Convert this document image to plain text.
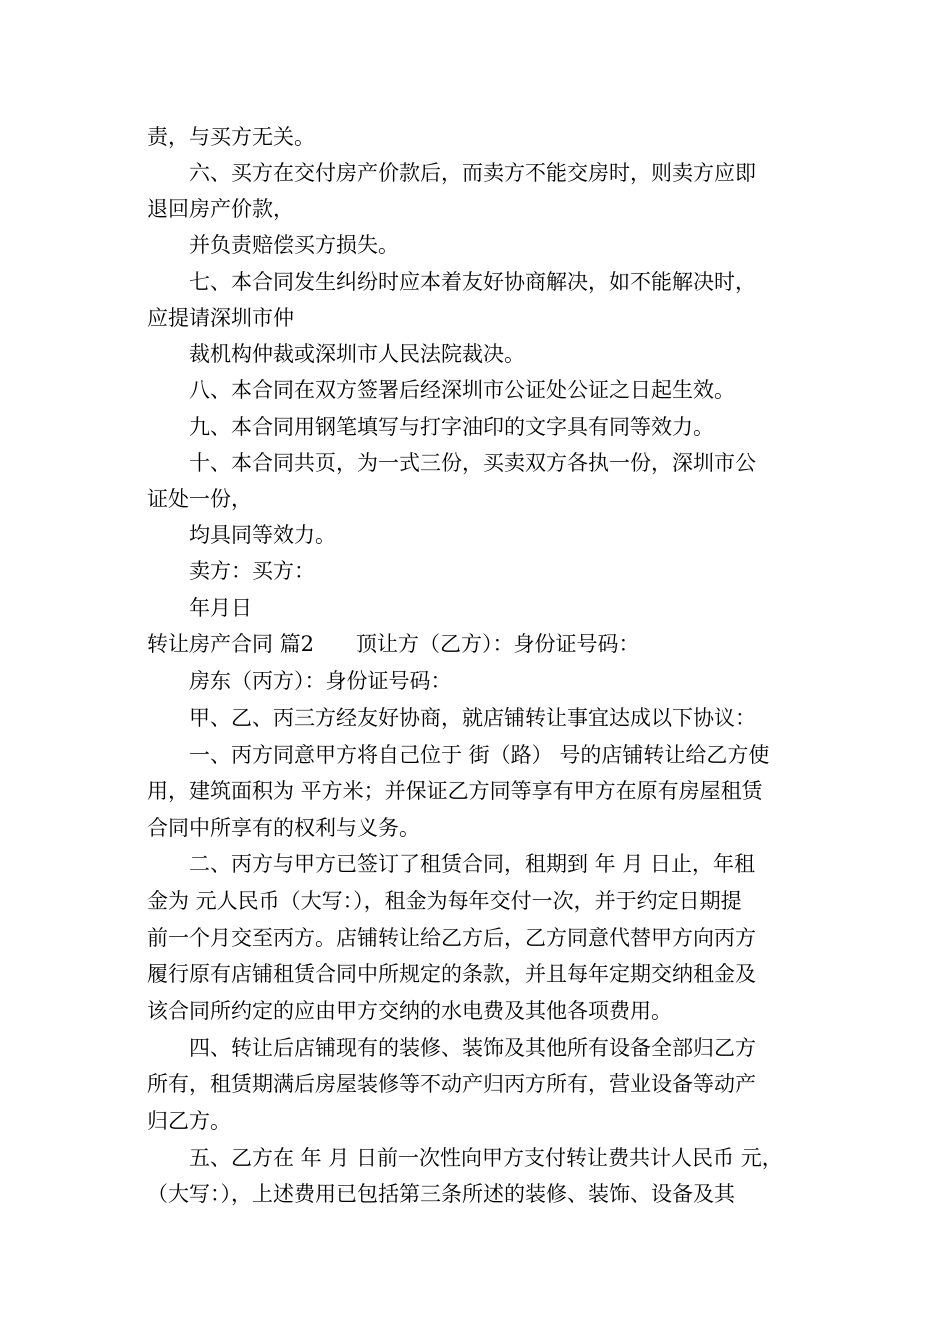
责，与买方无关。
六、买方在交付房产价款后，而卖方不能交房时，则卖方应即
退回房产价款，
并负责赔偿买方损失。
七、本合同发生纠纷时应本着友好协商解决，如不能解决时，
应提请深圳市仲
裁机构仲裁或深圳市人民法院裁决。
八、本合同在双方签署后经深圳市公证处公证之日起生效。
九、本合同用钢笔填写与打字油印的文字具有同等效力。
十、本合同共页，为一式三份，买卖双方各执一份，深圳市公
证处一份，
均具同等效力。
卖方：买方：
年月日
转让房产合同 篇2　　顶让方（乙方）：身份证号码：
房东（丙方）：身份证号码：
甲、乙、丙三方经友好协商，就店铺转让事宜达成以下协议：
一、丙方同意甲方将自己位于 街（路） 号的店铺转让给乙方使
用，建筑面积为 平方米；并保证乙方同等享有甲方在原有房屋租赁
合同中所享有的权利与义务。
二、丙方与甲方已签订了租赁合同，租期到 年 月 日止，年租
金为 元人民币（大写：），租金为每年交付一次，并于约定日期提
前一个月交至丙方。店铺转让给乙方后，乙方同意代替甲方向丙方
履行原有店铺租赁合同中所规定的条款，并且每年定期交纳租金及
该合同所约定的应由甲方交纳的水电费及其他各项费用。
四、转让后店铺现有的装修、装饰及其他所有设备全部归乙方
所有，租赁期满后房屋装修等不动产归丙方所有，营业设备等动产
归乙方。
五、乙方在 年 月 日前一次性向甲方支付转让费共计人民币 元，
（大写：），上述费用已包括第三条所述的装修、装饰、设备及其
